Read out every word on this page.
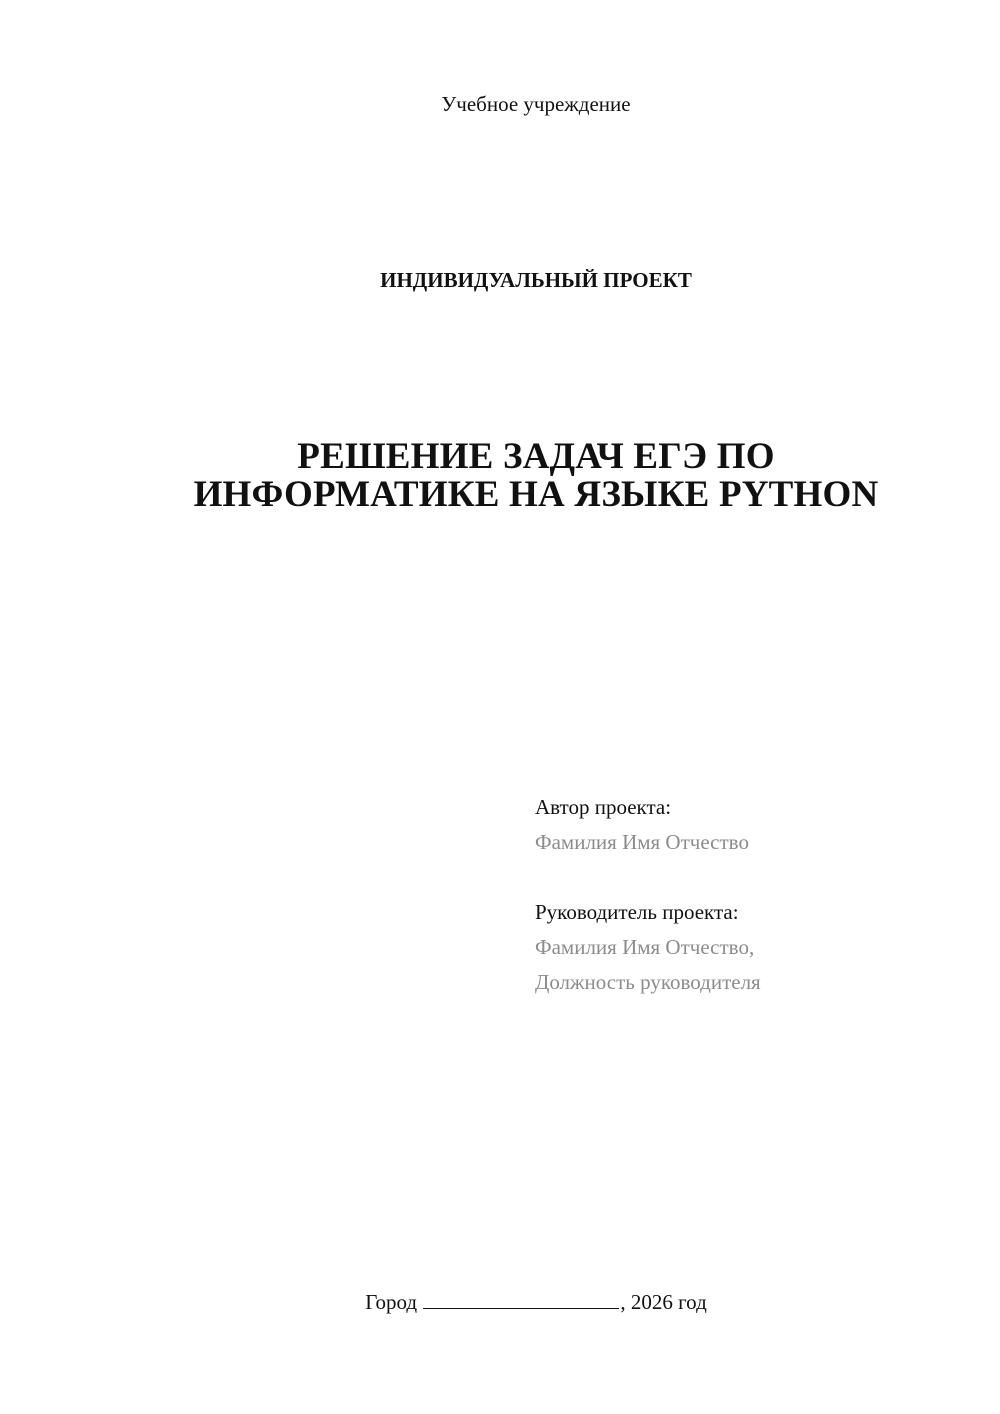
Учебное учреждение
ИНДИВИДУАЛЬНЫЙ ПРОЕКТ
РЕШЕНИЕ ЗАДАЧ ЕГЭ ПО
ИНФОРМАТИКЕ НА ЯЗЫКЕ PYTHON
Автор проекта:
Фамилия Имя Отчество
Руководитель проекта:
Фамилия Имя Отчество,
Должность руководителя
Город	, 2026 год
